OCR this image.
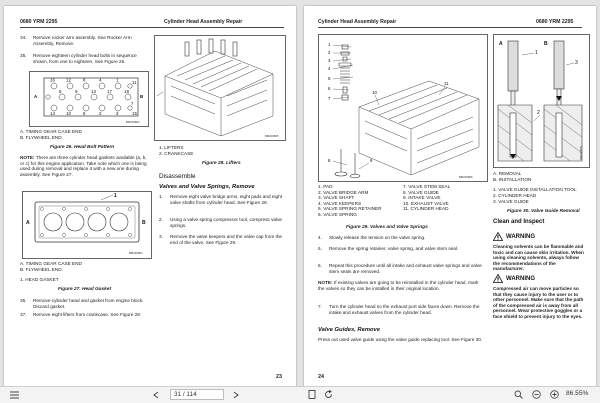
0680 YRM 2295	Cylinder Head Assembly Repair
34. Remove rocker arm assembly. See Rocker Arm Assembly, Remove.
35. Remove eighteen cylinder head bolts in sequence shown, from one to eighteen. See Figure 26.
16	12	8	4	1
5	9	13	17	18
14	10	6	2	3
7
11
15
A	B
BM000864
A. TIMING GEAR CASE END
B. FLYWHEEL END
Figure 26. Head Bolt Pattern
NOTE: There are three cylinder head gaskets available (a, b, or c) for this engine application. Take note which one is being used during removal and replace it with a new one during assembly. See Figure 27.
A	B
1
BM000864
A. TIMING GEAR CASE END
B. FLYWHEEL END
1. HEAD GASKET
Figure 27. Head Gasket
36. Remove cylinder head and gasket from engine block. Discard gasket.
37. Remove eight lifters from crankcase. See Figure 28.
BM000865
1. LIFTERS
2. CRANKCASE
Figure 28. Lifters
Disassemble
Valves and Valve Springs, Remove
1. Remove eight valve bridge arms, eight pads and eight valve shafts from cylinder head. See Figure 29.
2. Using a valve spring compressor tool, compress valve springs.
3. Remove the valve keepers and the valve cap from the end of the valve. See Figure 29.
23
Cylinder Head Assembly Repair	0680 YRM 2295
1
2
3
4
5
6
7
8	9
10
11
BM000866
1. PAD
2. VALVE BRIDGE ARM
3. VALVE SHAFT
4. VALVE KEEPERS
5. VALVE SPRING RETAINER
6. VALVE SPRING
7. VALVE STEM SEAL
8. VALVE GUIDE
9. INTAKE VALVE
10. EXHAUST VALVE
11. CYLINDER HEAD
Figure 29. Valves and Valve Springs
4. Slowly release the tension on the valve spring.
5. Remove the spring retainer, valve spring, and valve stem seal.
6. Repeat this procedure until all intake and exhaust valve springs and valve stem seals are removed.
NOTE: If existing valves are going to be reinstalled in the cylinder head, mark the valves so they can be installed in their original location.
7. Turn the cylinder head so the exhaust port side faces down. Remove the intake and exhaust valves from the cylinder head.
Valve Guides, Remove
Press out used valve guide using the valve guide replacing tool. See Figure 30.
A	B
1
2
3
BM000878
A. REMOVAL
B. INSTALLATION
1. VALVE GUIDE INSTALLATION TOOL
2. CYLINDER HEAD
3. VALVE GUIDE
Figure 30. Valve Guide Removal
Clean and Inspect
WARNING
Cleaning solvents can be flammable and toxic and can cause skin irritation. When using cleaning solvents, always follow the recommendations of the manufacturer.
WARNING
Compressed air can move particles so that they cause injury to the user or to other personnel. Make sure that the path of the compressed air is away from all personnel. Wear protective goggles or a face shield to prevent injury to the eyes.
24
31 / 114	86.55%
